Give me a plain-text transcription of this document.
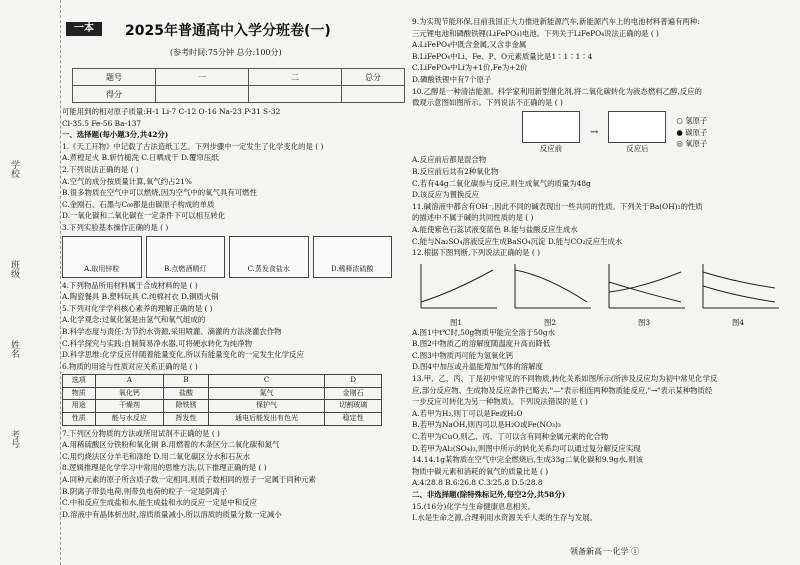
学校
班级
姓名
考号
一本	2025年普通高中入学分班卷(一)
(参考时间:75分钟 总分:100分)
题号	一	二	总分
得分			

可能用到的相对原子质量:H-1 Li-7 C-12 O-16 Na-23 P-31 S-32

Cl-35.5 Fe-56 Ba-137

一、选择题(每小题3分,共42分)

1.《天工开物》中记载了古法造纸工艺。下列步骤中一定发生了化学变化的是 ( )

A.煮楻足火 B.斩竹槌洗 C.日晒成干 D.覆帘压纸

2.下列说法正确的是 ( )

A.空气的成分按质量计算,氧气约占21%

B.很多物质在空气中可以燃烧,因为空气中的氧气具有可燃性

C.金刚石、石墨与C₆₀都是由碳原子构成的单质

D.一氧化碳和二氧化碳在一定条件下可以相互转化

3.下列实验基本操作正确的是 ( )

A.取用锌粒	B.点燃酒精灯	C.蒸发食盐水	D.稀释浓硫酸

4.下列物品所用材料属于合成材料的是 ( )

A.陶瓷餐具 B.塑料玩具 C.纯棉衬衣 D.铜质火锅

5.下列对化学学科核心素养的理解正确的是 ( )

A.化学观念:过氧化氢是由氢气和氧气组成的

B.科学态度与责任:为节约水资源,采用喷灌、滴灌的方法浇灌农作物

C.科学探究与实践:自制简易净水器,可将硬水转化为纯净物

D.科学思维:化学反应伴随着能量变化,所以有能量变化的一定发生化学反应

6.物质的用途与性质对应关系正确的是 ( )

选项	A	B	C	D
物质	氧化钙	盐酸	氮气	金刚石
用途	干燥剂	除铁锈	保护气	切割玻璃
性质	能与水反应	挥发性	通电后能发出有色光	稳定性

7.下列区分物质的方法或所用试剂不正确的是 ( )

A.用稀硫酸区分铁粉和氧化铜 B.用燃着的木条区分二氧化碳和氮气

C.用灼烧法区分羊毛和涤纶 D.用二氧化碳区分水和石灰水

8.逻辑推理是化学学习中常用的思维方法,以下推理正确的是 ( )

A.同种元素的原子所含质子数一定相同,则质子数相同的原子一定属于同种元素

B.阴离子带负电荷,则带负电荷的粒子一定是阴离子

C.中和反应生成盐和水,能生成盐和水的反应一定是中和反应

D.溶液中有晶体析出时,溶质质量减小,所以溶质的质量分数一定减小

9.为实现节能环保,目前我国正大力推进新能源汽车,新能源汽车上的电池材料普遍有两种:

三元锂电池和磷酸铁锂(LiFePO₄)电池。下列关于LiFePO₄说法正确的是 ( )

A.LiFePO₄中既含金属,又含非金属

B.LiFePO₄中Li、Fe、P、O元素质量比是1∶1∶1∶4

C.LiFePO₄中Li为+1价,Fe为+2价

D.磷酸铁锂中有7个原子

10.乙醇是一种清洁能源。科学家利用新型催化剂,将二氧化碳转化为液态燃料乙醇,反应的

微观示意图如图所示。下列说法不正确的是 ( )

反应前
→
反应后
○ 氢原子
● 碳原子
◎ 氧原子

A.反应前后都是混合物

B.反应前后共有2种氧化物

C.若有44g二氧化碳参与反应,则生成氧气的质量为48g

D.该反应为置换反应

11.碱溶液中都含有OH⁻,因此不同的碱表现出一些共同的性质。下列关于Ba(OH)₂的性质

的描述中不属于碱的共同性质的是 ( )

A.能使紫色石蕊试液变蓝色 B.能与盐酸反应生成水

C.能与Na₂SO₄溶液反应生成BaSO₄沉淀 D.能与CO₂反应生成水

12.根据下图判断,下列说法正确的是 ( )

图1	图2	图3	图4

A.图1中t℃时,50g物质甲能完全溶于50g水

B.图2中物质乙的溶解度随温度升高而降低

C.图3中物质丙可能为氢氧化钙

D.图4中加压或升温能增加气体的溶解度

13.甲、乙、丙、丁是初中常见的不同物质,转化关系如图所示(所涉及反应均为初中常见化学反

应,部分反应物、生成物及反应条件已略去,"—"表示相连两种物质能反应,"→"表示某种物质经

一步反应可转化为另一种物质)。下列说法错误的是 ( )

A.若甲为H₂,则丁可以是Fe或H₂O

B.若甲为NaOH,则丙可以是H₂O或Fe(NO₃)₃

C.若甲为CuO,则乙、丙、丁可以含有同种金属元素的化合物

D.若甲为Al₂(SO₄)₃,则图中所示的转化关系均可以通过复分解反应实现

14.14.1g某物质在空气中完全燃烧后,生成33g二氧化碳和9.9g水,则该

物质中碳元素和消耗的氧气的质量比是 ( )

A.4∶28.8 B.6∶26.8 C.3∶25.8 D.5∶28.8

二、非选择题(除特殊标记外,每空2分,共58分)

15.(16分)化学与生命健康息息相关。

Ⅰ.水是生命之源,合理利用水资源关乎人类的生存与发展。

领备新高一·化学 ①
